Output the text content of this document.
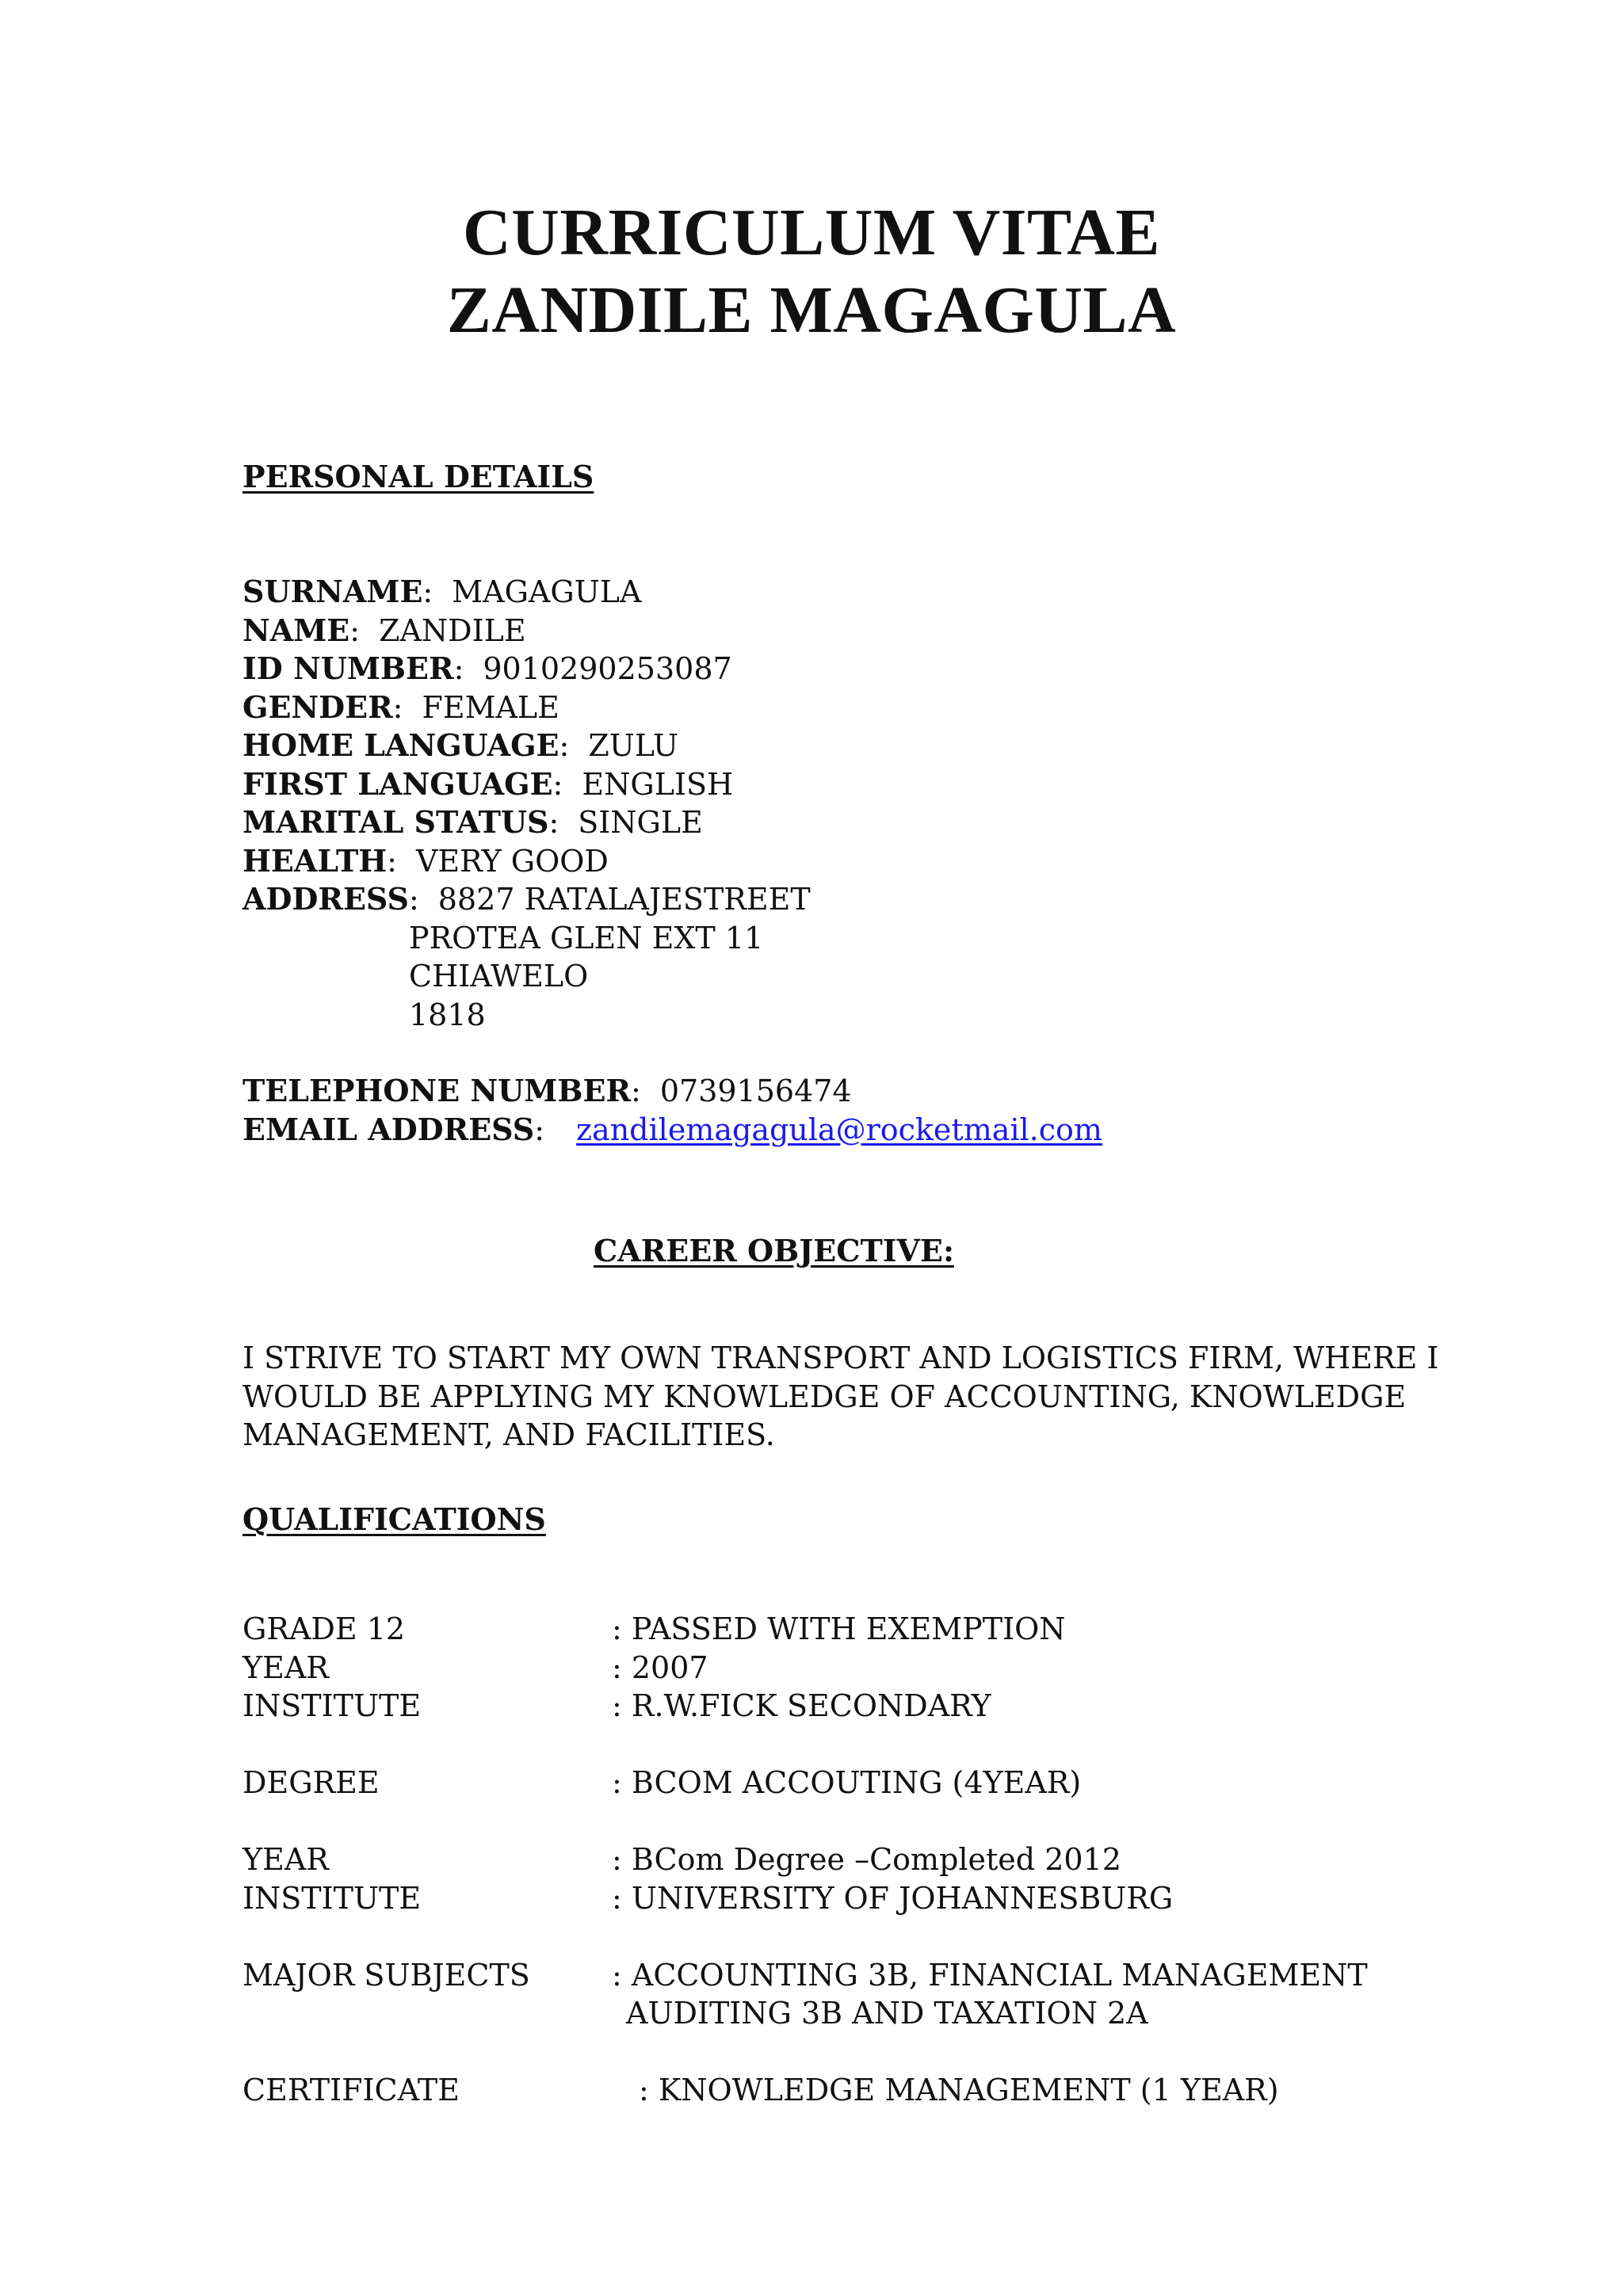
CURRICULUM VITAE
ZANDILE MAGAGULA
PERSONAL DETAILS
SURNAME: MAGAGULA
NAME: ZANDILE
ID NUMBER: 9010290253087
GENDER: FEMALE
HOME LANGUAGE: ZULU
FIRST LANGUAGE: ENGLISH
MARITAL STATUS: SINGLE
HEALTH: VERY GOOD
ADDRESS: 8827 RATALAJESTREET
PROTEA GLEN EXT 11
CHIAWELO
1818
TELEPHONE NUMBER: 0739156474
EMAIL ADDRESS: zandilemagagula@rocketmail.com
CAREER OBJECTIVE:
I STRIVE TO START MY OWN TRANSPORT AND LOGISTICS FIRM, WHERE I
WOULD BE APPLYING MY KNOWLEDGE OF ACCOUNTING, KNOWLEDGE
MANAGEMENT, AND FACILITIES.
QUALIFICATIONS
GRADE 12	: PASSED WITH EXEMPTION
YEAR	: 2007
INSTITUTE	: R.W.FICK SECONDARY
DEGREE	: BCOM ACCOUTING (4YEAR)
YEAR	: BCom Degree –Completed 2012
INSTITUTE	: UNIVERSITY OF JOHANNESBURG
MAJOR SUBJECTS	: ACCOUNTING 3B, FINANCIAL MANAGEMENT
AUDITING 3B AND TAXATION 2A
CERTIFICATE	: KNOWLEDGE MANAGEMENT (1 YEAR)
